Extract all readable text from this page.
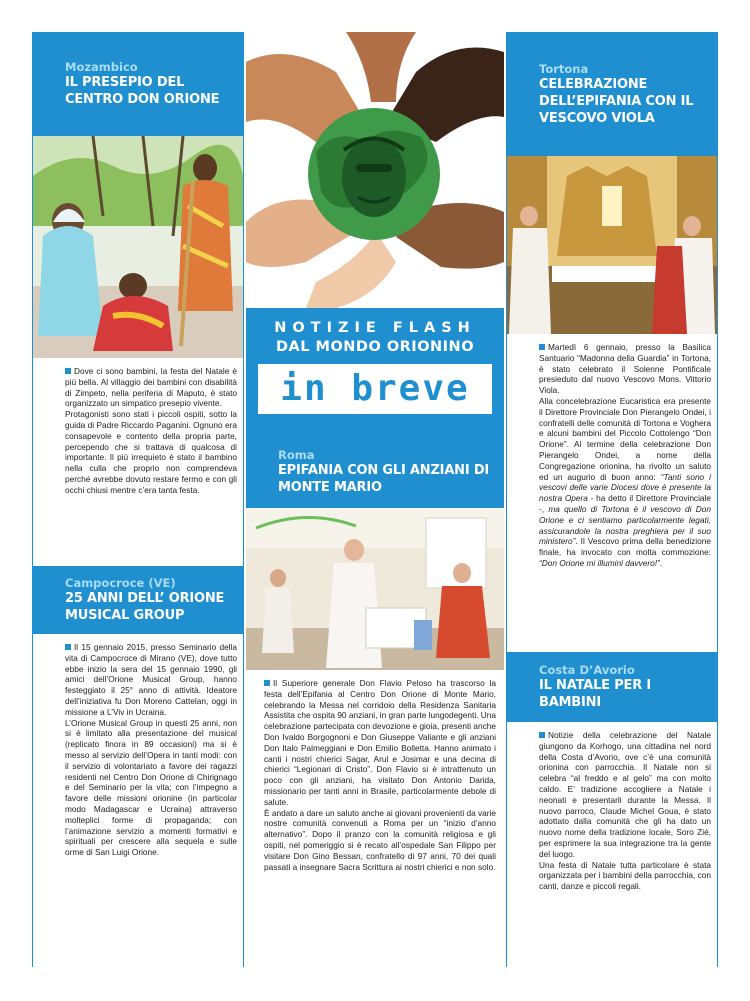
Mozambico
IL PRESEPIO DEL CENTRO DON ORIONE

Dove ci sono bambini, la festa del Natale è più bella. Al villaggio dei bambini con disabilità di Zimpeto, nella periferia di Maputo, è stato organizzato un simpatico presepio vivente.

Protagonisti sono stati i piccoli ospiti, sotto la guida di Padre Riccardo Paganini. Ognuno era consapevole e contento della propria parte, percependo che si trattava di qualcosa di importante. Il più irrequieto è stato il bambino nella culla che proprio non comprendeva perché avrebbe dovuto restare fermo e con gli occhi chiusi mentre c’era tanta festa.

Campocroce (VE)
25 ANNI DELL’ ORIONE MUSICAL GROUP

Il 15 gennaio 2015, presso Seminario della vita di Campocroce di Mirano (VE), dove tutto ebbe inizio la sera del 15 gennaio 1990, gli amici dell’Orione Musical Group, hanno festeggiato il 25° anno di attività. Ideatore dell’iniziativa fu Don Moreno Cattelan, oggi in missione a L’Viv in Ucraina.

L’Orione Musical Group in questi 25 anni, non si è limitato alla presentazione del musical (replicato finora in 89 occasioni) ma si è messo al servizio dell’Opera in tanti modi: con il servizio di volontariato a favore dei ragazzi residenti nel Centro Don Orione di Chirignago e del Seminario per la vita; con l’impegno a favore delle missioni orionine (in particolar modo Madagascar e Ucraina) attraverso molteplici forme di propaganda; con l’animazione servizio a momenti formativi e spirituali per crescere alla sequela e sulle orme di San Luigi Orione.

NOTIZIE FLASH
DAL MONDO ORIONINO
in breve
Roma
EPIFANIA CON GLI ANZIANI DI MONTE MARIO

Il Superiore generale Don Flavio Peloso ha trascorso la festa dell’Epifania al Centro Don Orione di Monte Mario, celebrando la Messa nel corridoio della Residenza Sanitaria Assistita che ospita 90 anziani, in gran parte lungodegenti. Una celebrazione partecipata con devozione e gioia, presenti anche Don Ivaldo Borgognoni e Don Giuseppe Valiante e gli anziani Don Italo Palmeggiani e Don Emilio Bolletta. Hanno animato i canti i nostri chierici Sagar, Arul e Josimar e una decina di chierici “Legionari di Cristo”. Don Flavio si è intrattenuto un poco con gli anziani, ha visitato Don Antonio Darida, missionario per tanti anni in Brasile, particolarmente debole di salute.

È andato a dare un saluto anche ai giovani provenienti da varie nostre comunità convenuti a Roma per un “inizio d’anno alternativo”. Dopo il pranzo con la comunità religiosa e gli ospiti, nel pomeriggio si è recato all’ospedale San Filippo per visitare Don Gino Bessan, confratello di 97 anni, 70 dei quali passati a insegnare Sacra Scrittura ai nostri chierici e non solo.

Tortona
CELEBRAZIONE DELL’EPIFANIA CON IL VESCOVO VIOLA

Martedì 6 gennaio, presso la Basilica Santuario “Madonna della Guardia” in Tortona, è stato celebrato il Solenne Pontificale presieduto dal nuovo Vescovo Mons. Vittorio Viola.

Alla concelebrazione Eucaristica era presente il Direttore Provinciale Don Pierangelo Ondei, i confratelli delle comunità di Tortona e Voghera e alcuni bambini del Piccolo Cottolengo “Don Orione”. Al termine della celebrazione Don Pierangelo Ondei, a nome della Congregazione orionina, ha rivolto un saluto ed un augurio di buon anno: “Tanti sono i vescovi delle varie Diocesi dove è presente la nostra Opera - ha detto il Direttore Provinciale -, ma quello di Tortona è il vescovo di Don Orione e ci sentiamo particolarmente legati, assicurandole la nostra preghiera per il suo ministero”. Il Vescovo prima della benedizione finale, ha invocato con molta commozione: “Don Orione mi illumini davvero!”.

Costa D’Avorio
IL NATALE PER I BAMBINI

Notizie della celebrazione del Natale giungono da Korhogo, una cittadina nel nord della Costa d’Avorio, ove c’è una comunità orionina con parrocchia. Il Natale non si celebra “al freddo e al gelo” ma con molto caldo. E’ tradizione accogliere a Natale i neonati e presentarli durante la Messa. Il nuovo parroco, Claude Michel Goua, è stato adottato dalla comunità che gli ha dato un nuovo nome della tradizione locale, Soro Zié, per esprimere la sua integrazione tra la gente del luogo.

Una festa di Natale tutta particolare è stata organizzata per i bambini della parrocchia, con canti, danze e piccoli regali.
